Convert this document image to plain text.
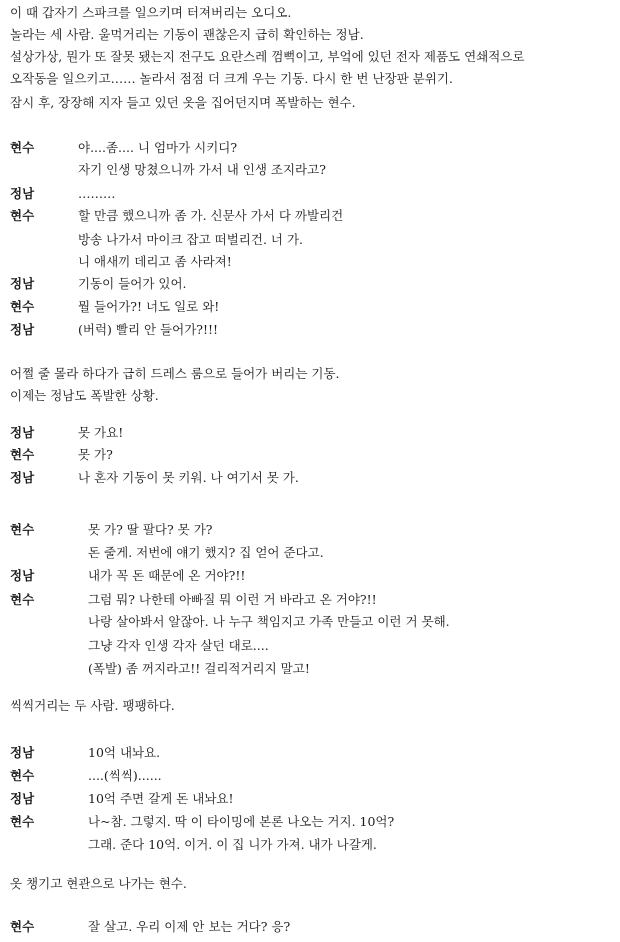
이 때 갑자기 스파크를 일으키며 터져버리는 오디오.
놀라는 세 사람. 울먹거리는 기동이 괜찮은지 급히 확인하는 정남.
설상가상, 뭔가 또 잘못 됐는지 전구도 요란스레 껌뻑이고, 부엌에 있던 전자 제품도 연쇄적으로
오작동을 일으키고…… 놀라서 점점 더 크게 우는 기동. 다시 한 번 난장판 분위기.
잠시 후, 장장해 지자 들고 있던 옷을 집어던지며 폭발하는 현수.
현수	야....좀.... 니 엄마가 시키디?
자기 인생 망쳤으니까 가서 내 인생 조지라고?
정남	………
현수	할 만큼 했으니까 좀 가. 신문사 가서 다 까발리건
방송 나가서 마이크 잡고 떠벌리건. 너 가.
니 애새끼 데리고 좀 사라져!
정남	기동이 들어가 있어.
현수	뭘 들어가?! 너도 일로 와!
정남	(버럭) 빨리 안 들어가?!!!
어쩔 줄 몰라 하다가 급히 드레스 룸으로 들어가 버리는 기동.
이제는 정남도 폭발한 상황.
정남	못 가요!
현수	못 가?
정남	나 혼자 기동이 못 키워. 나 여기서 못 가.
현수	못 가? 딸 팔다? 못 가?
돈 줄게. 저번에 얘기 했지? 집 얻어 준다고.
정남	내가 꼭 돈 때문에 온 거야?!!
현수	그럼 뭐? 나한테 아빠질 뭐 이런 거 바라고 온 거야?!!
나랑 살아봐서 알잖아. 나 누구 책임지고 가족 만들고 이런 거 못해.
그냥 각자 인생 각자 살던 대로....
(폭발) 좀 꺼지라고!! 걸리적거리지 말고!
씩씩거리는 두 사람. 팽팽하다.
정남	10억 내놔요.
현수	....(씩씩)......
정남	10억 주면 갈게 돈 내놔요!
현수	나~참. 그렇지. 딱 이 타이밍에 본론 나오는 거지. 10억?
그래. 준다 10억. 이거. 이 집 니가 가져. 내가 나갈게.
옷 챙기고 현관으로 나가는 현수.
현수	잘 살고. 우리 이제 안 보는 거다? 응?
